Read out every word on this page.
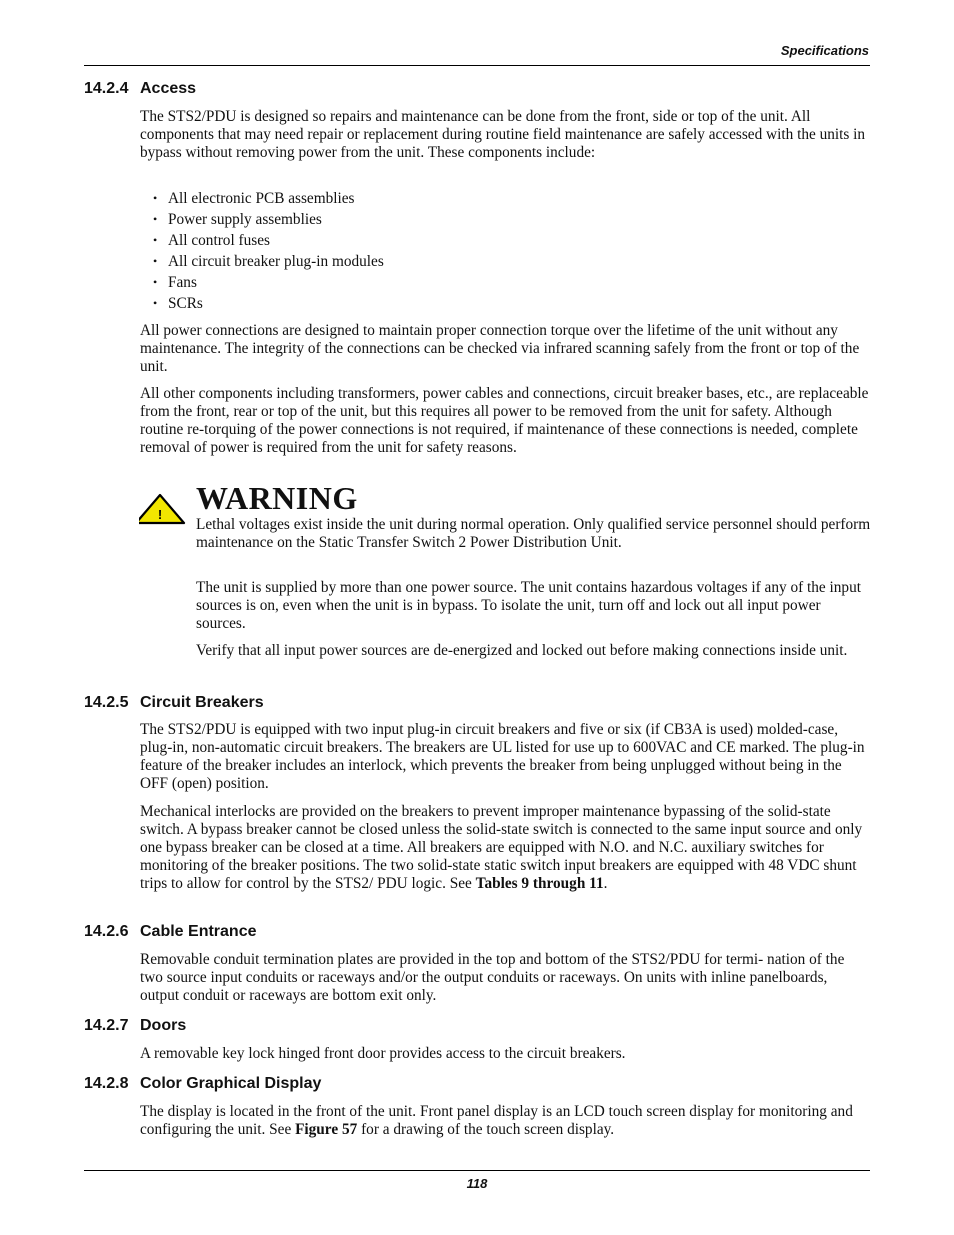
Specifications
14.2.4 Access

The STS2/PDU is designed so repairs and maintenance can be done from the front, side or top of the unit. All components that may need repair or replacement during routine field maintenance are safely accessed with the units in bypass without removing power from the unit. These components include:

• All electronic PCB assemblies
• Power supply assemblies
• All control fuses
• All circuit breaker plug-in modules
• Fans
• SCRs

All power connections are designed to maintain proper connection torque over the lifetime of the unit without any maintenance. The integrity of the connections can be checked via infrared scanning safely from the front or top of the unit.

All other components including transformers, power cables and connections, circuit breaker bases, etc., are replaceable from the front, rear or top of the unit, but this requires all power to be removed from the unit for safety. Although routine re-torquing of the power connections is not required, if maintenance of these connections is needed, complete removal of power is required from the unit for safety reasons.

! WARNING

Lethal voltages exist inside the unit during normal operation. Only qualified service personnel should perform maintenance on the Static Transfer Switch 2 Power Distribution Unit.

The unit is supplied by more than one power source. The unit contains hazardous voltages if any of the input sources is on, even when the unit is in bypass. To isolate the unit, turn off and lock out all input power sources.

Verify that all input power sources are de-energized and locked out before making connections inside unit.

14.2.5 Circuit Breakers

The STS2/PDU is equipped with two input plug-in circuit breakers and five or six (if CB3A is used) molded-case, plug-in, non-automatic circuit breakers. The breakers are UL listed for use up to 600VAC and CE marked. The plug-in feature of the breaker includes an interlock, which prevents the breaker from being unplugged without being in the OFF (open) position.

Mechanical interlocks are provided on the breakers to prevent improper maintenance bypassing of the solid-state switch. A bypass breaker cannot be closed unless the solid-state switch is connected to the same input source and only one bypass breaker can be closed at a time. All breakers are equipped with N.O. and N.C. auxiliary switches for monitoring of the breaker positions. The two solid-state static switch input breakers are equipped with 48 VDC shunt trips to allow for control by the STS2/ PDU logic. See Tables 9 through 11.

14.2.6 Cable Entrance

Removable conduit termination plates are provided in the top and bottom of the STS2/PDU for termi- nation of the two source input conduits or raceways and/or the output conduits or raceways. On units with inline panelboards, output conduit or raceways are bottom exit only.

14.2.7 Doors

A removable key lock hinged front door provides access to the circuit breakers.

14.2.8 Color Graphical Display

The display is located in the front of the unit. Front panel display is an LCD touch screen display for monitoring and configuring the unit. See Figure 57 for a drawing of the touch screen display.

118
